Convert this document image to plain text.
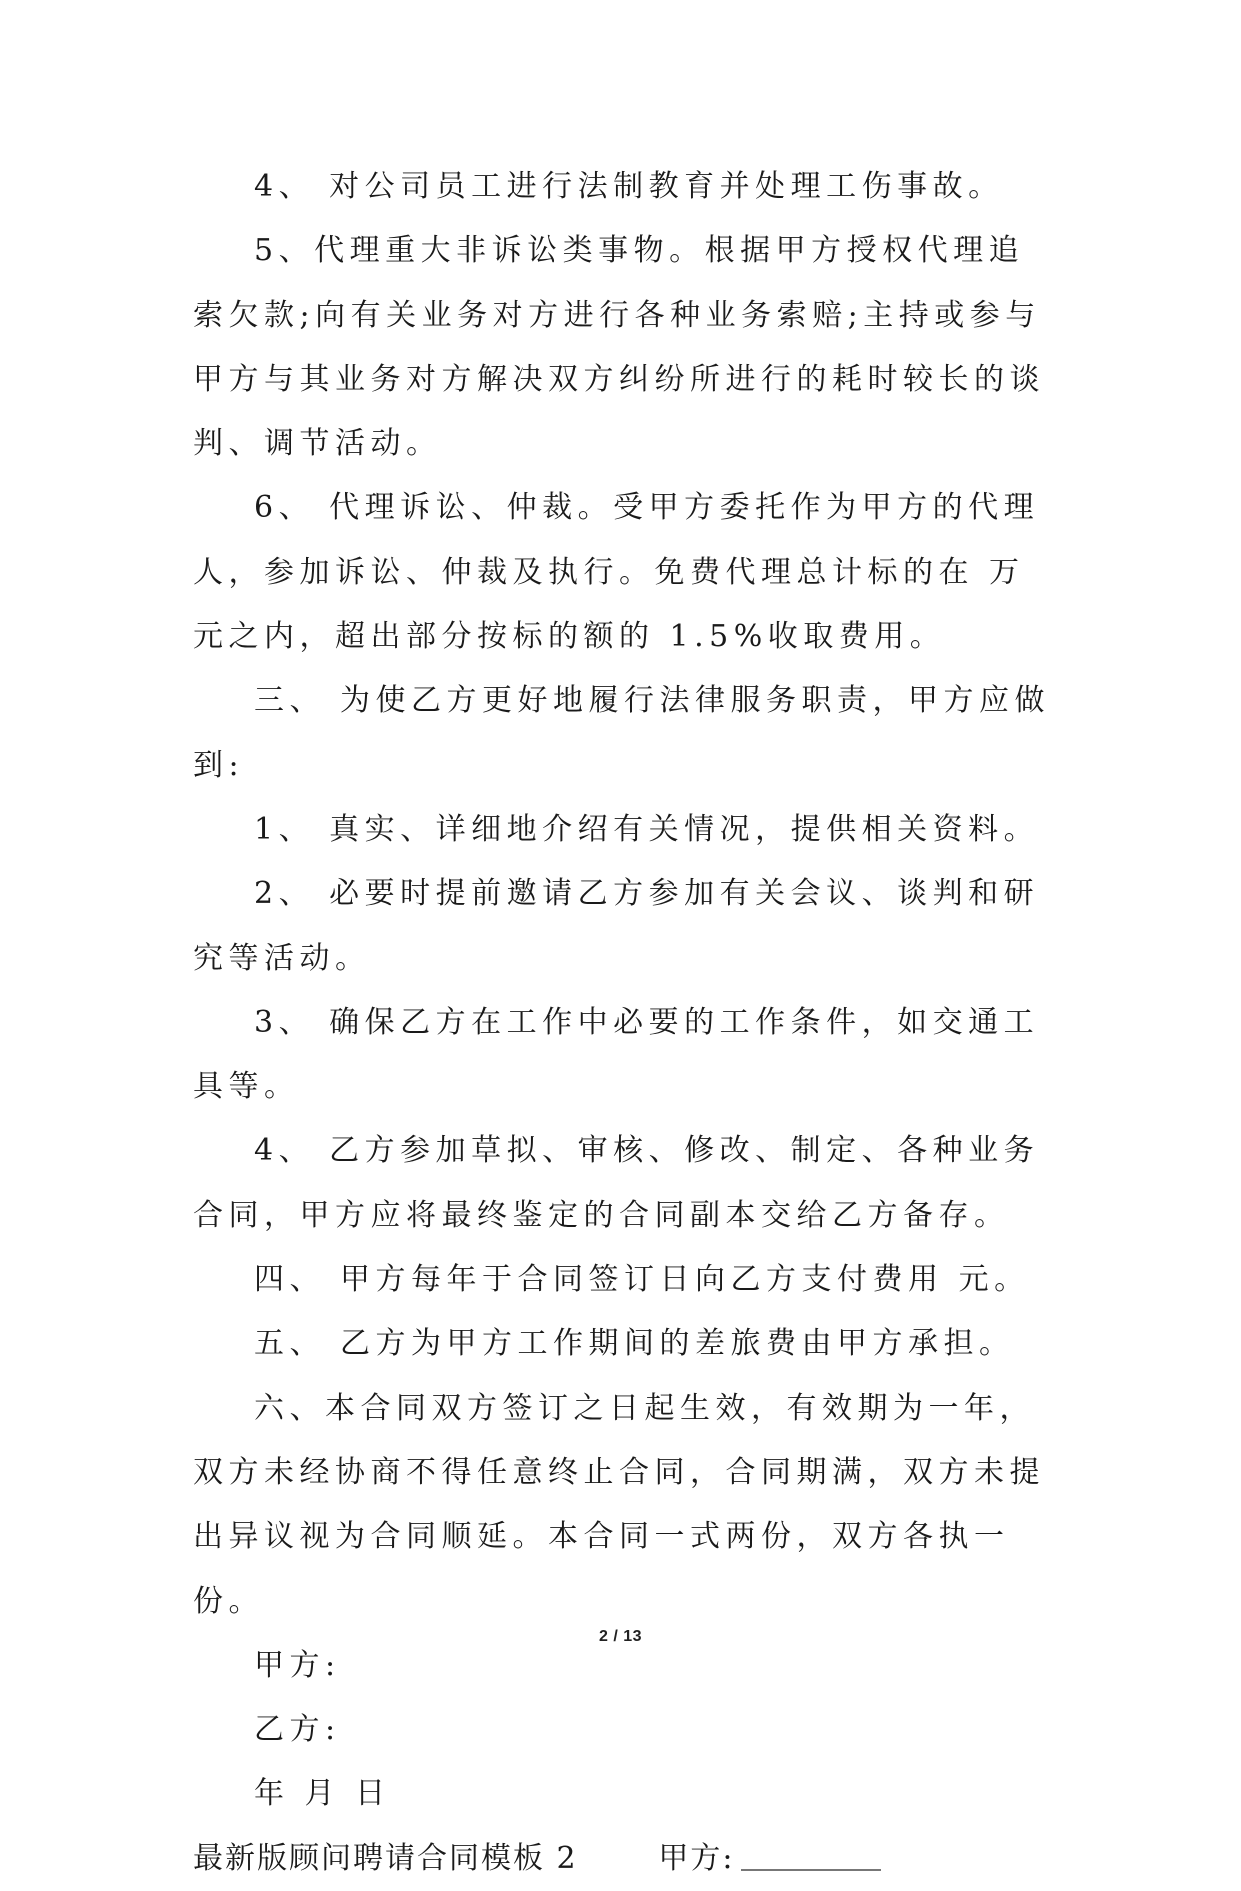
4、 对公司员工进行法制教育并处理工伤事故。

5、代理重大非诉讼类事物。根据甲方授权代理追索欠款;向有关业务对方进行各种业务索赔;主持或参与甲方与其业务对方解决双方纠纷所进行的耗时较长的谈判、调节活动。

6、 代理诉讼、仲裁。受甲方委托作为甲方的代理人，参加诉讼、仲裁及执行。免费代理总计标的在 万元之内，超出部分按标的额的 1.5%收取费用。

三、 为使乙方更好地履行法律服务职责，甲方应做到:

1、 真实、详细地介绍有关情况，提供相关资料。

2、 必要时提前邀请乙方参加有关会议、谈判和研究等活动。

3、 确保乙方在工作中必要的工作条件，如交通工具等。

4、 乙方参加草拟、审核、修改、制定、各种业务合同，甲方应将最终鉴定的合同副本交给乙方备存。

四、 甲方每年于合同签订日向乙方支付费用 元。

五、 乙方为甲方工作期间的差旅费由甲方承担。

六、本合同双方签订之日起生效，有效期为一年，双方未经协商不得任意终止合同，合同期满，双方未提出异议视为合同顺延。本合同一式两份，双方各执一份。

甲方:

乙方:

年 月 日

最新版顾问聘请合同模板 2	甲方:

2 / 13
